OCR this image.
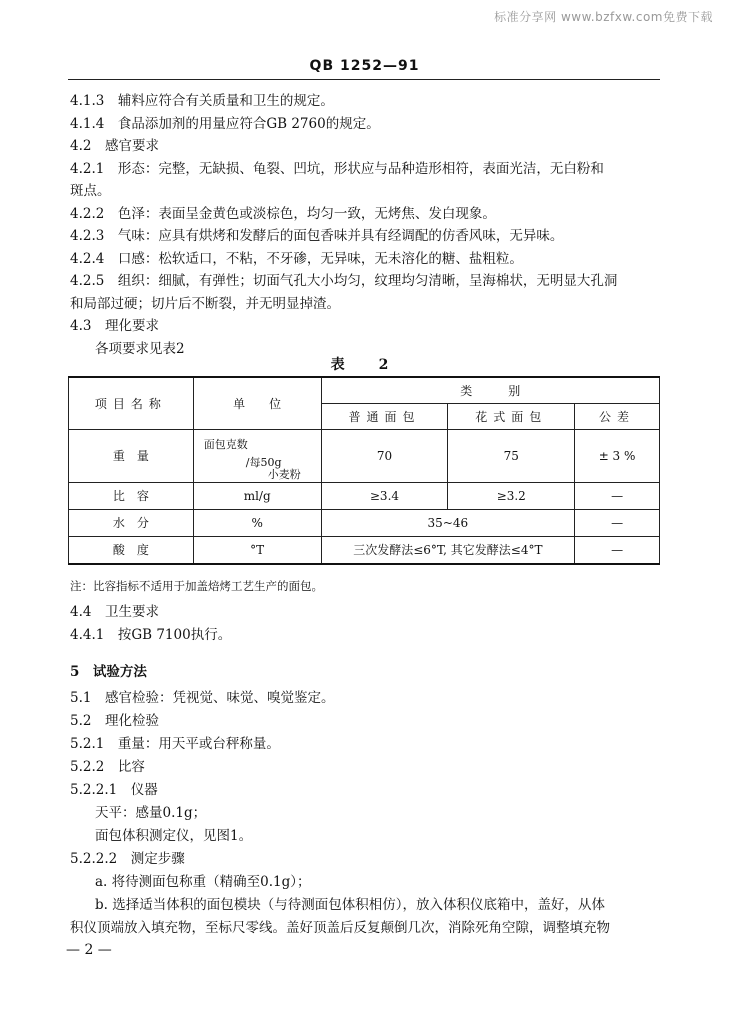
标准分享网 www.bzfxw.com免费下载
QB 1252—91
4.1.3　辅料应符合有关质量和卫生的规定。
4.1.4　食品添加剂的用量应符合GB 2760的规定。
4.2　感官要求
4.2.1　形态：完整，无缺损、龟裂、凹坑，形状应与品种造形相符，表面光洁，无白粉和
斑点。
4.2.2　色泽：表面呈金黄色或淡棕色，均匀一致，无烤焦、发白现象。
4.2.3　气味：应具有烘烤和发酵后的面包香味并具有经调配的仿香风味，无异味。
4.2.4　口感：松软适口，不粘，不牙碜，无异味，无未溶化的糖、盐粗粒。
4.2.5　组织：细腻，有弹性；切面气孔大小均匀，纹理均匀清晰，呈海棉状，无明显大孔洞
和局部过硬；切片后不断裂，并无明显掉渣。
4.3　理化要求
各项要求见表2
表　2
项目名称	单　　位	类　　　别		
		普通面包	花式面包	公差
重　量	面包克数
/每50g
小麦粉	70	75	± 3 %
比　容	ml/g	≥3.4	≥3.2	—
水　分	%	35~46		—
酸　度	°T	三次发酵法≤6°T, 其它发酵法≤4°T		—
注：比容指标不适用于加盖焙烤工艺生产的面包。
4.4　卫生要求
4.4.1　按GB 7100执行。
5　试验方法
5.1　感官检验：凭视觉、味觉、嗅觉鉴定。
5.2　理化检验
5.2.1　重量：用天平或台秤称量。
5.2.2　比容
5.2.2.1　仪器
天平：感量0.1g；
面包体积测定仪，见图1。
5.2.2.2　测定步骤
a. 将待测面包称重（精确至0.1g）；
b. 选择适当体积的面包模块（与待测面包体积相仿），放入体积仪底箱中，盖好，从体
积仪顶端放入填充物，至标尺零线。盖好顶盖后反复颠倒几次，消除死角空隙，调整填充物
— 2 —
